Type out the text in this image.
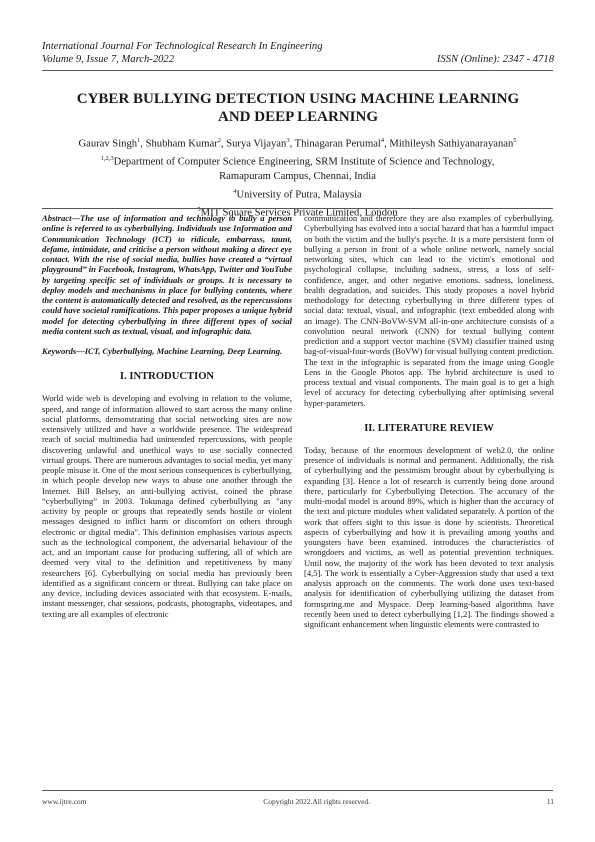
International Journal For Technological Research In Engineering
Volume 9, Issue 7, March-2022	ISSN (Online): 2347 - 4718
CYBER BULLYING DETECTION USING MACHINE LEARNING
AND DEEP LEARNING
Gaurav Singh$^1$, Shubham Kumar$^2$, Surya Vijayan$^3$, Thinagaran Perumal$^4$, Mithileysh Sathiyanarayanan$^5$
$^{1,2,3}$Department of Computer Science Engineering, SRM Institute of Science and Technology,
Ramapuram Campus, Chennai, India
$^4$University of Putra, Malaysia
$^5$MIT Square Services Private Limited, London

Abstract—The use of information and technology to bully a person online is referred to as cyberbullying. Individuals use Information and Communication Technology (ICT) to ridicule, embarrass, taunt, defame, intimidate, and criticise a person without making a direct eye contact. With the rise of social media, bullies have created a “virtual playground” in Facebook, Instagram, WhatsApp, Twitter and YouTube by targeting specific set of individuals or groups. It is necessary to deploy models and mechanisms in place for bullying contents, where the content is automatically detected and resolved, as the repercussions could have societal ramifications. This paper proposes a unique hybrid model for detecting cyberbullying in three different types of social media content such as textual, visual, and infographic data.

Keywords—ICT, Cyberbullying, Machine Learning, Deep Learning.

I. INTRODUCTION

World wide web is developing and evolving in relation to the volume, speed, and range of information allowed to start across the many online social platforms, demonstrating that social networking sites are now extensively utilized and have a worldwide presence. The widespread reach of social multimedia had unintended repercussions, with people discovering unlawful and unethical ways to use socially connected virtual groups. There are numerous advantages to social media, yet many people misuse it. One of the most serious consequences is cyberbullying, in which people develop new ways to abuse one another through the Internet. Bill Belsey, an anti-bullying activist, coined the phrase “cyberbullying” in 2003. Tokunaga defined cyberbullying as "any activity by people or groups that repeatedly sends hostile or violent messages designed to inflict harm or discomfort on others through electronic or digital media". This definition emphasises various aspects such as the technological component, the adversarial behaviour of the act, and an important cause for producing suffering, all of which are deemed very vital to the definition and repetitiveness by many researchers [6]. Cyberbullying on social media has previously been identified as a significant concern or threat. Bullying can take place on any device, including devices associated with that ecosystem. E-mails, instant messenger, chat sessions, podcasts, photographs, videotapes, and texting are all examples of electronic

communication and therefore they are also examples of cyberbullying. Cyberbullying has evolved into a social hazard that has a harmful impact on both the victim and the bully's psyche. It is a more persistent form of bullying a person in front of a whole online network, namely social networking sites, which can lead to the victim's emotional and psychological collapse, including sadness, stress, a loss of self-confidence, anger, and other negative emotions. sadness, loneliness, health degradation, and suicides. This study proposes a novel hybrid methodology for detecting cyberbullying in three different types of social data: textual, visual, and infographic (text embedded along with an image). The CNN-BoVW-SVM all-in-one architecture consists of a convolution neural network (CNN) for textual bullying content prediction and a support vector machine (SVM) classifier trained using bag-of-visual-four-words (BoVW) for visual bullying content prediction. The text in the infographic is separated from the image using Google Lens in the Google Photos app. The hybrid architecture is used to process textual and visual components. The main goal is to get a high level of accuracy for detecting cyberbullying after optimising several hyper-parameters.

II. LITERATURE REVIEW

Today, because of the enormous development of web2.0, the online presence of individuals is normal and permanent. Additionally, the risk of cyberbullying and the pessimism brought about by cyberbullying is expanding [3]. Hence a lot of research is currently being done around there, particularly for Cyberbullying Detection. The accuracy of the multi-modal model is around 89%, which is higher than the accuracy of the text and picture modules when validated separately. A portion of the work that offers sight to this issue is done by scientists. Theoretical aspects of cyberbullying and how it is prevailing among youths and youngsters have been examined. introduces the characteristics of wrongdoers and victims, as well as potential prevention techniques. Until now, the majority of the work has been devoted to text analysis [4,5]. The work is essentially a Cyber-Aggression study that used a text analysis approach on the comments. The work done uses text-based analysis for identification of cyberbullying utilizing the dataset from formspring.me and Myspace. Deep learning-based algorithms have recently been used to detect cyberbullying [1,2]. The findings showed a significant enhancement when linguistic elements were contrasted to

www.ijtre.com	Copyright 2022.All rights reserved.	11
